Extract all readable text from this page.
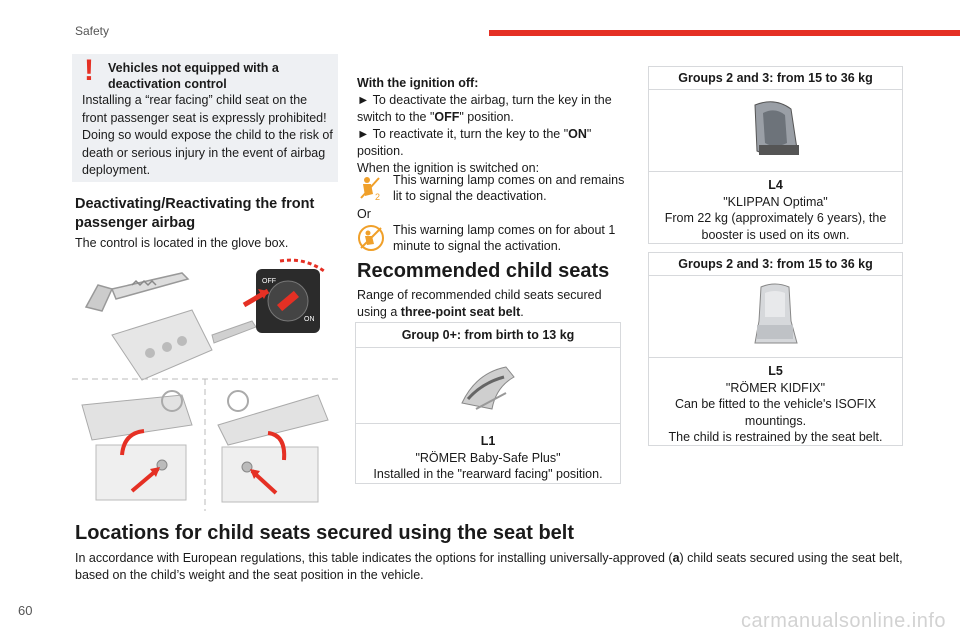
Safety
! Vehicles not equipped with a deactivation control
Installing a “rear facing” child seat on the front passenger seat is expressly prohibited! Doing so would expose the child to the risk of death or serious injury in the event of airbag deployment.
Deactivating/Reactivating the front
passenger airbag
The control is located in the glove box.
OFF
ON
With the ignition off:
► To deactivate the airbag, turn the key in the
switch to the "OFF" position.
► To reactivate it, turn the key to the "ON"
position.
When the ignition is switched on:
2
This warning lamp comes on and remains lit to signal the deactivation.
Or
This warning lamp comes on for about 1 minute to signal the activation.
Recommended child seats
Range of recommended child seats secured
using a three-point seat belt.
Group 0+: from birth to 13 kg
L1
"RÖMER Baby-Safe Plus"
Installed in the "rearward facing" position.
Groups 2 and 3: from 15 to 36 kg
L4
"KLIPPAN Optima"
From 22 kg (approximately 6 years), the booster is used on its own.
Groups 2 and 3: from 15 to 36 kg
L5
"RÖMER KIDFIX"
Can be fitted to the vehicle's ISOFIX mountings.
The child is restrained by the seat belt.
Locations for child seats secured using the seat belt
In accordance with European regulations, this table indicates the options for installing universally-approved (a) child seats secured using the seat belt,
based on the child’s weight and the seat position in the vehicle.
60	carmanualsonline.info
